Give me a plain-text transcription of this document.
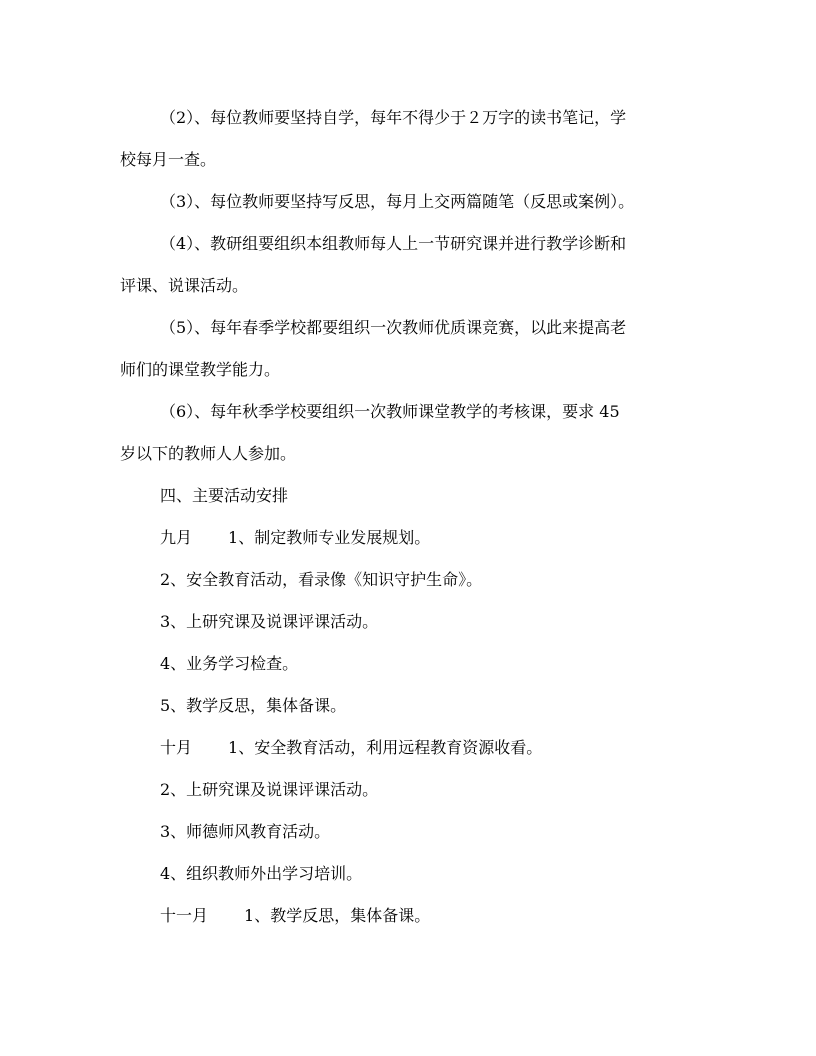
（2）、每位教师要坚持自学，每年不得少于２万字的读书笔记，学
校每月一查。
（3）、每位教师要坚持写反思，每月上交两篇随笔（反思或案例）。
（4）、教研组要组织本组教师每人上一节研究课并进行教学诊断和
评课、说课活动。
（5）、每年春季学校都要组织一次教师优质课竞赛，以此来提高老
师们的课堂教学能力。
（6）、每年秋季学校要组织一次教师课堂教学的考核课，要求 45
岁以下的教师人人参加。
四、主要活动安排
九月 1、制定教师专业发展规划。
2、安全教育活动，看录像《知识守护生命》。
3、上研究课及说课评课活动。
4、业务学习检查。
5、教学反思，集体备课。
十月 1、安全教育活动，利用远程教育资源收看。
2、上研究课及说课评课活动。
3、师德师风教育活动。
4、组织教师外出学习培训。
十一月 1、教学反思，集体备课。
